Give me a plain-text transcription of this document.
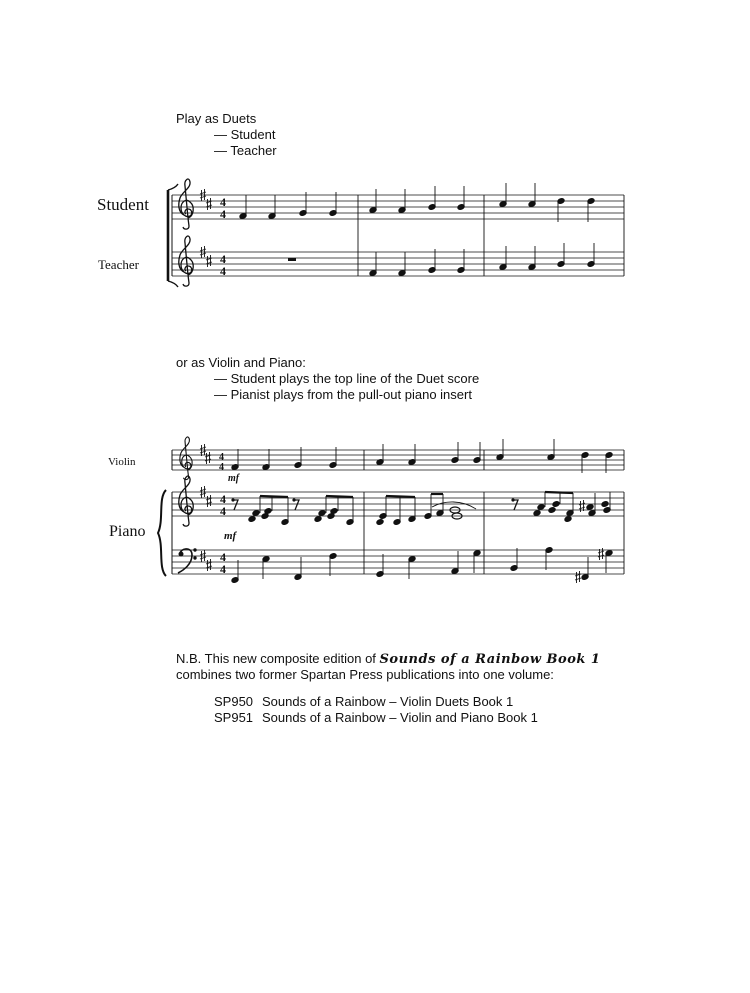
Play as Duets
— Student
— Teacher
Student
Teacher
or as Violin and Piano:
— Student plays the top line of the Duet score
— Pianist plays from the pull-out piano insert
Violin
Piano
mf
mf
N.B. This new composite edition of Sounds of a Rainbow Book 1
combines two former Spartan Press publications into one volume:
SP950 Sounds of a Rainbow – Violin Duets Book 1
SP951 Sounds of a Rainbow – Violin and Piano Book 1
4
4
4
4
4
4
4
4
4
4
